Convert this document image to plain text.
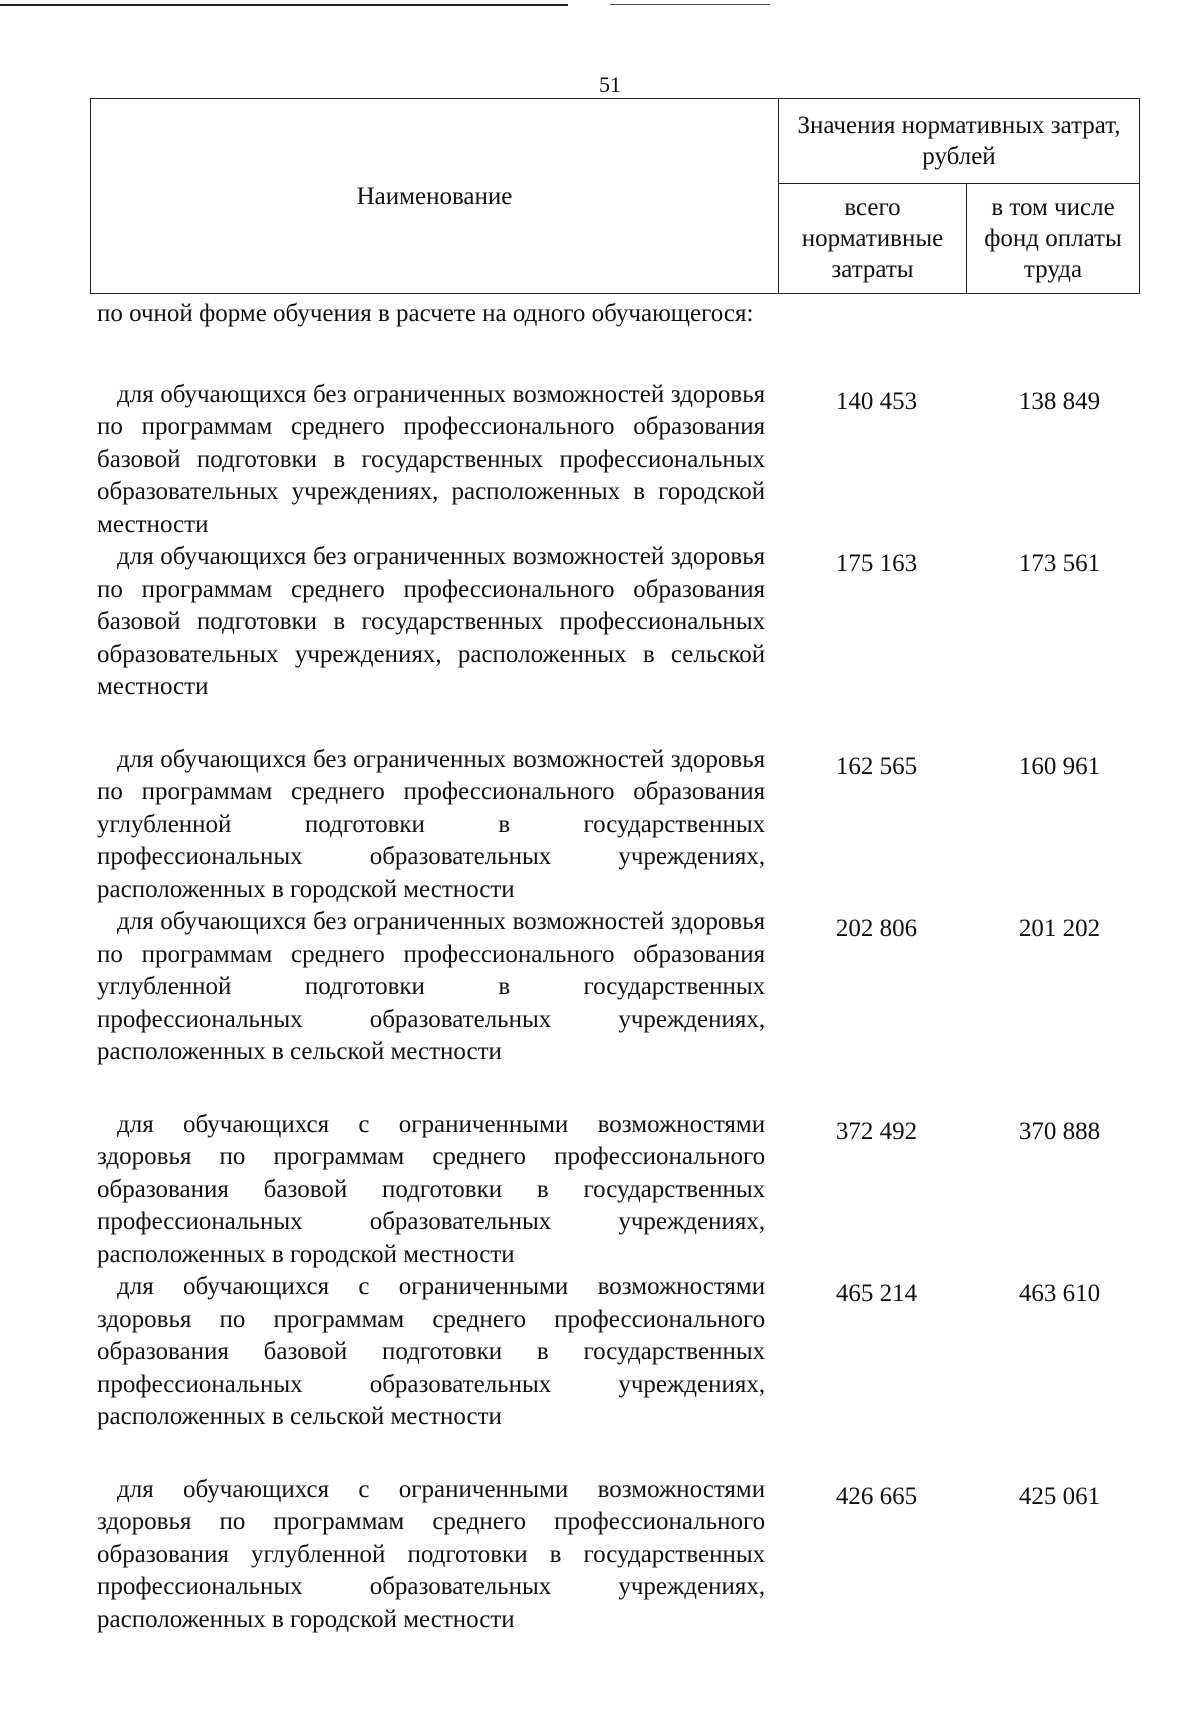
51
Наименование	Значения нормативных затрат, рублей	
	всего нормативные затраты	в том числе фонд оплаты труда
по очной форме обучения в расчете на одного обучающегося:
для обучающихся без ограниченных возможностей здоровья по программам среднего профессионального образования базовой подготовки в государственных профессиональных образовательных учреждениях, расположенных в городской местности
140 453	138 849
для обучающихся без ограниченных возможностей здоровья по программам среднего профессионального образования базовой подготовки в государственных профессиональных образовательных учреждениях, расположенных в сельской местности
175 163	173 561
для обучающихся без ограниченных возможностей здоровья по программам среднего профессионального образования углубленной подготовки в государственных профессиональных образовательных учреждениях, расположенных в городской местности
162 565	160 961
для обучающихся без ограниченных возможностей здоровья по программам среднего профессионального образования углубленной подготовки в государственных профессиональных образовательных учреждениях, расположенных в сельской местности
202 806	201 202
для обучающихся с ограниченными возможностями здоровья по программам среднего профессионального образования базовой подготовки в государственных профессиональных образовательных учреждениях, расположенных в городской местности
372 492	370 888
для обучающихся с ограниченными возможностями здоровья по программам среднего профессионального образования базовой подготовки в государственных профессиональных образовательных учреждениях, расположенных в сельской местности
465 214	463 610
для обучающихся с ограниченными возможностями здоровья по программам среднего профессионального образования углубленной подготовки в государственных профессиональных образовательных учреждениях, расположенных в городской местности
426 665	425 061
